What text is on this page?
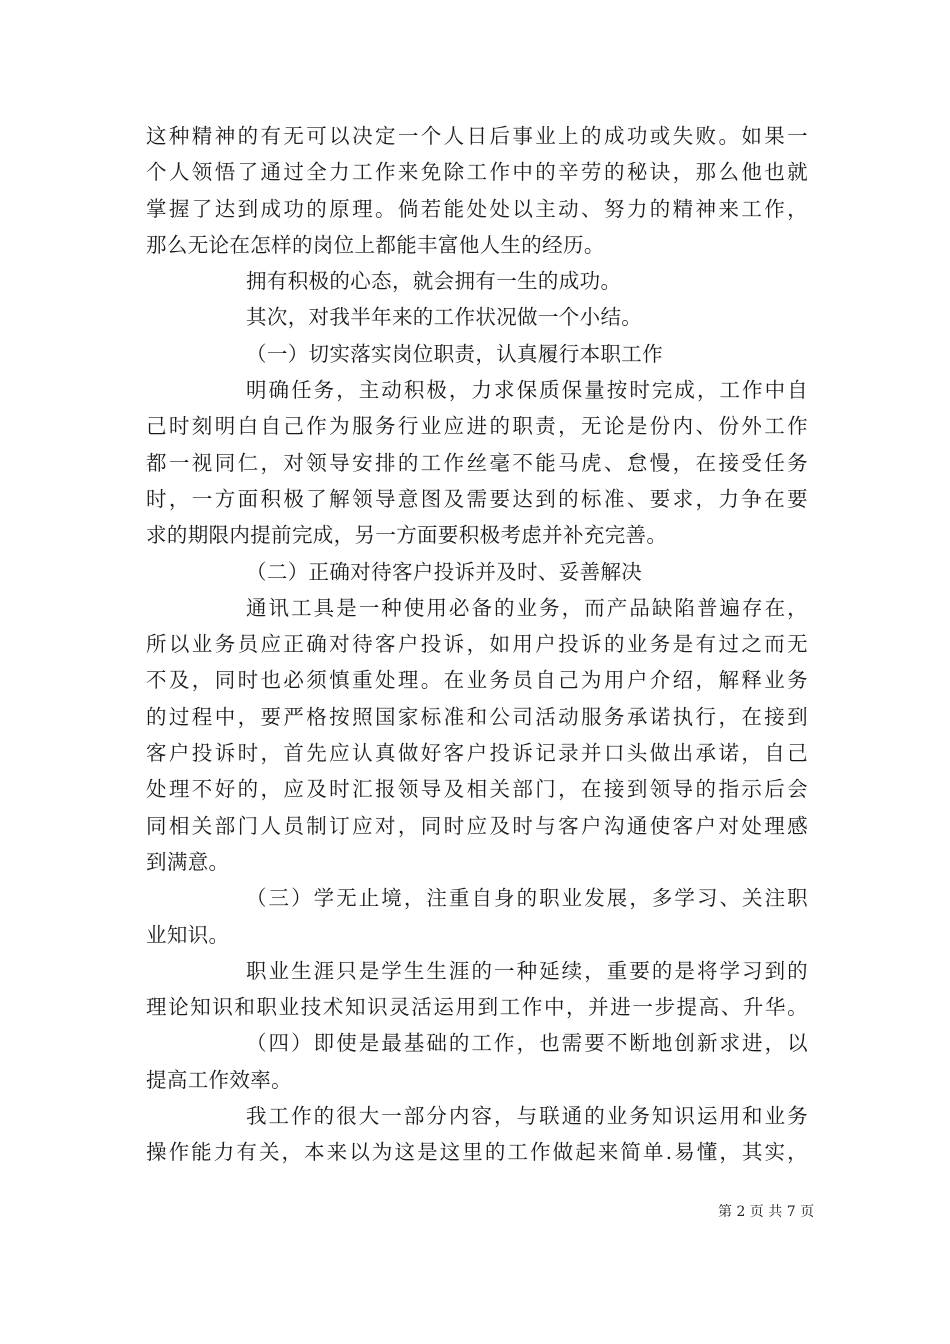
这种精神的有无可以决定一个人日后事业上的成功或失败。如果一
个人领悟了通过全力工作来免除工作中的辛劳的秘诀，那么他也就
掌握了达到成功的原理。倘若能处处以主动、努力的精神来工作，
那么无论在怎样的岗位上都能丰富他人生的经历。
拥有积极的心态，就会拥有一生的成功。
其次，对我半年来的工作状况做一个小结。
（一）切实落实岗位职责，认真履行本职工作
明确任务，主动积极，力求保质保量按时完成，工作中自
己时刻明白自己作为服务行业应进的职责，无论是份内、份外工作
都一视同仁，对领导安排的工作丝毫不能马虎、怠慢，在接受任务
时，一方面积极了解领导意图及需要达到的标准、要求，力争在要
求的期限内提前完成，另一方面要积极考虑并补充完善。
（二）正确对待客户投诉并及时、妥善解决
通讯工具是一种使用必备的业务，而产品缺陷普遍存在，
所以业务员应正确对待客户投诉，如用户投诉的业务是有过之而无
不及，同时也必须慎重处理。在业务员自己为用户介绍，解释业务
的过程中，要严格按照国家标准和公司活动服务承诺执行，在接到
客户投诉时，首先应认真做好客户投诉记录并口头做出承诺，自己
处理不好的，应及时汇报领导及相关部门，在接到领导的指示后会
同相关部门人员制订应对，同时应及时与客户沟通使客户对处理感
到满意。
（三）学无止境，注重自身的职业发展，多学习、关注职
业知识。
职业生涯只是学生生涯的一种延续，重要的是将学习到的
理论知识和职业技术知识灵活运用到工作中，并进一步提高、升华。
（四）即使是最基础的工作，也需要不断地创新求进，以
提高工作效率。
我工作的很大一部分内容，与联通的业务知识运用和业务
操作能力有关，本来以为这是这里的工作做起来简单.易懂，其实，
第 2 页 共 7 页
